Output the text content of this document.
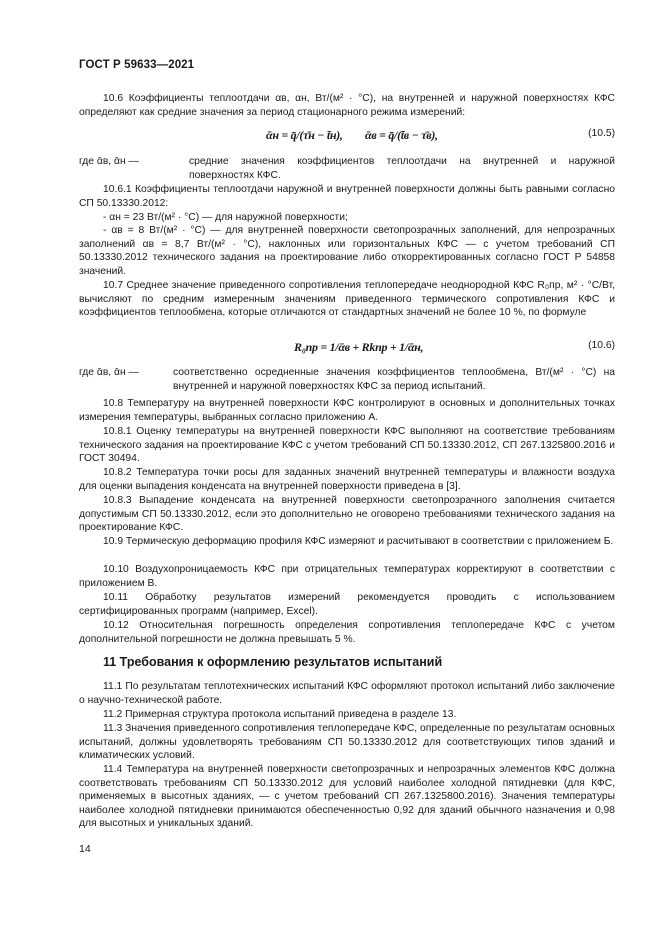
ГОСТ Р 59633—2021
10.6 Коэффициенты теплоотдачи αв, αн, Вт/(м² · °С), на внутренней и наружной поверхностях КФС определяют как средние значения за период стационарного режима измерений:
ᾱн = q̄/(τ̄н − t̄н), ᾱв = q̄/(t̄в − τ̄в),	(10.5)
где ᾱв, ᾱн —	средние значения коэффициентов теплоотдачи на внутренней и наружной поверхностях КФС.
10.6.1 Коэффициенты теплоотдачи наружной и внутренней поверхности должны быть равными согласно СП 50.13330.2012:
- αн = 23 Вт/(м² · °С) — для наружной поверхности;
- αв = 8 Вт/(м² · °С) — для внутренней поверхности светопрозрачных заполнений, для непрозрачных заполнений αв = 8,7 Вт/(м² · °С), наклонных или горизонтальных КФС — с учетом требований СП 50.13330.2012 технического задания на проектирование либо откорректированных согласно ГОСТ Р 54858 значений.
10.7 Среднее значение приведенного сопротивления теплопередаче неоднородной КФС R₀пр, м² · °С/Вт, вычисляют по средним измеренным значениям приведенного термического сопротивления КФС и коэффициентов теплообмена, которые отличаются от стандартных значений не более 10 %, по формуле
R₀пр = 1/ᾱв + Rkпр + 1/ᾱн,	(10.6)
где ᾱв, ᾱн —	соответственно осредненные значения коэффициентов теплообмена, Вт/(м² · °С) на внутренней и наружной поверхностях КФС за период испытаний.
10.8 Температуру на внутренней поверхности КФС контролируют в основных и дополнительных точках измерения температуры, выбранных согласно приложению А.
10.8.1 Оценку температуры на внутренней поверхности КФС выполняют на соответствие требованиям технического задания на проектирование КФС с учетом требований СП 50.13330.2012, СП 267.1325800.2016 и ГОСТ 30494.
10.8.2 Температура точки росы для заданных значений внутренней температуры и влажности воздуха для оценки выпадения конденсата на внутренней поверхности приведена в [3].
10.8.3 Выпадение конденсата на внутренней поверхности светопрозрачного заполнения считается допустимым СП 50.13330.2012, если это дополнительно не оговорено требованиями технического задания на проектирование КФС.
10.9 Термическую деформацию профиля КФС измеряют и расчитывают в соответствии с приложением Б.
10.10 Воздухопроницаемость КФС при отрицательных температурах корректируют в соответствии с приложением В.
10.11 Обработку результатов измерений рекомендуется проводить с использованием сертифицированных программ (например, Excel).
10.12 Относительная погрешность определения сопротивления теплопередаче КФС с учетом дополнительной погрешности не должна превышать 5 %.
11 Требования к оформлению результатов испытаний
11.1 По результатам теплотехнических испытаний КФС оформляют протокол испытаний либо заключение о научно-технической работе.
11.2 Примерная структура протокола испытаний приведена в разделе 13.
11.3 Значения приведенного сопротивления теплопередаче КФС, определенные по результатам основных испытаний, должны удовлетворять требованиям СП 50.13330.2012 для соответствующих типов зданий и климатических условий.
11.4 Температура на внутренней поверхности светопрозрачных и непрозрачных элементов КФС должна соответствовать требованиям СП 50.13330.2012 для условий наиболее холодной пятидневки (для КФС, применяемых в высотных зданиях, — с учетом требований СП 267.1325800.2016). Значения температуры наиболее холодной пятидневки принимаются обеспеченностью 0,92 для зданий обычного назначения и 0,98 для высотных и уникальных зданий.
14
